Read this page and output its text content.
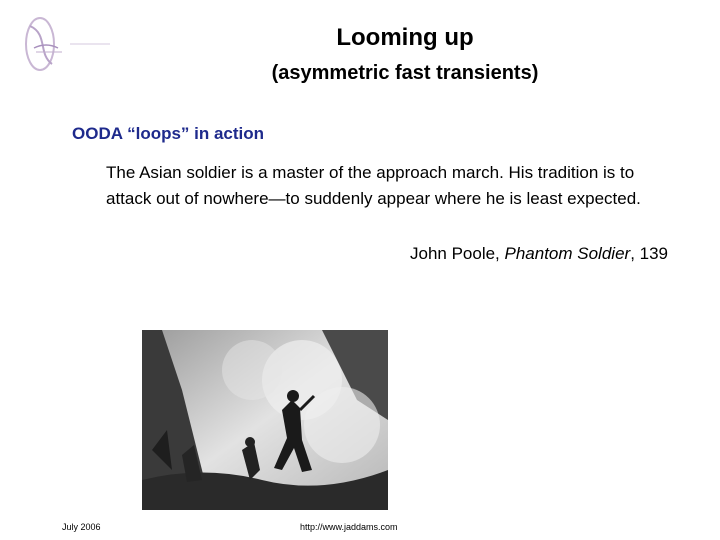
Looming up
(asymmetric fast transients)
OODA “loops” in action
The Asian soldier is a master of the approach march. His tradition is to attack out of nowhere—to suddenly appear where he is least expected.
John Poole, Phantom Soldier, 139
July 2006	http://www.jaddams.com
